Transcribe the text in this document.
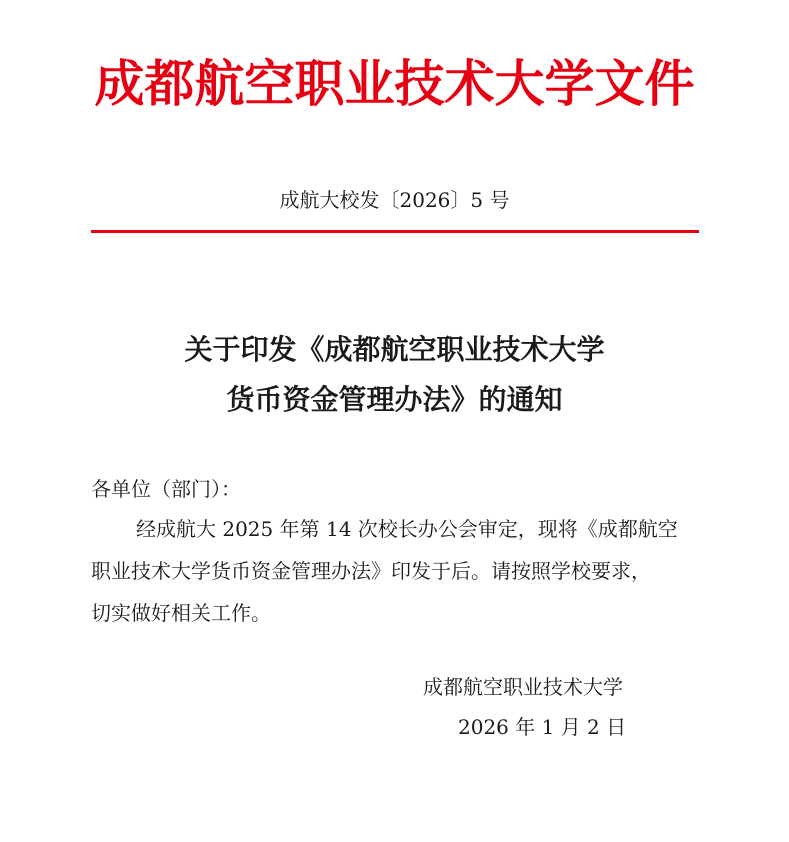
成都航空职业技术大学文件
成航大校发〔2026〕5 号
关于印发《成都航空职业技术大学
货币资金管理办法》的通知
各单位（部门）：
经成航大 2025 年第 14 次校长办公会审定，现将《成都航空
职业技术大学货币资金管理办法》印发于后。请按照学校要求，
切实做好相关工作。
成都航空职业技术大学
2026 年 1 月 2 日
